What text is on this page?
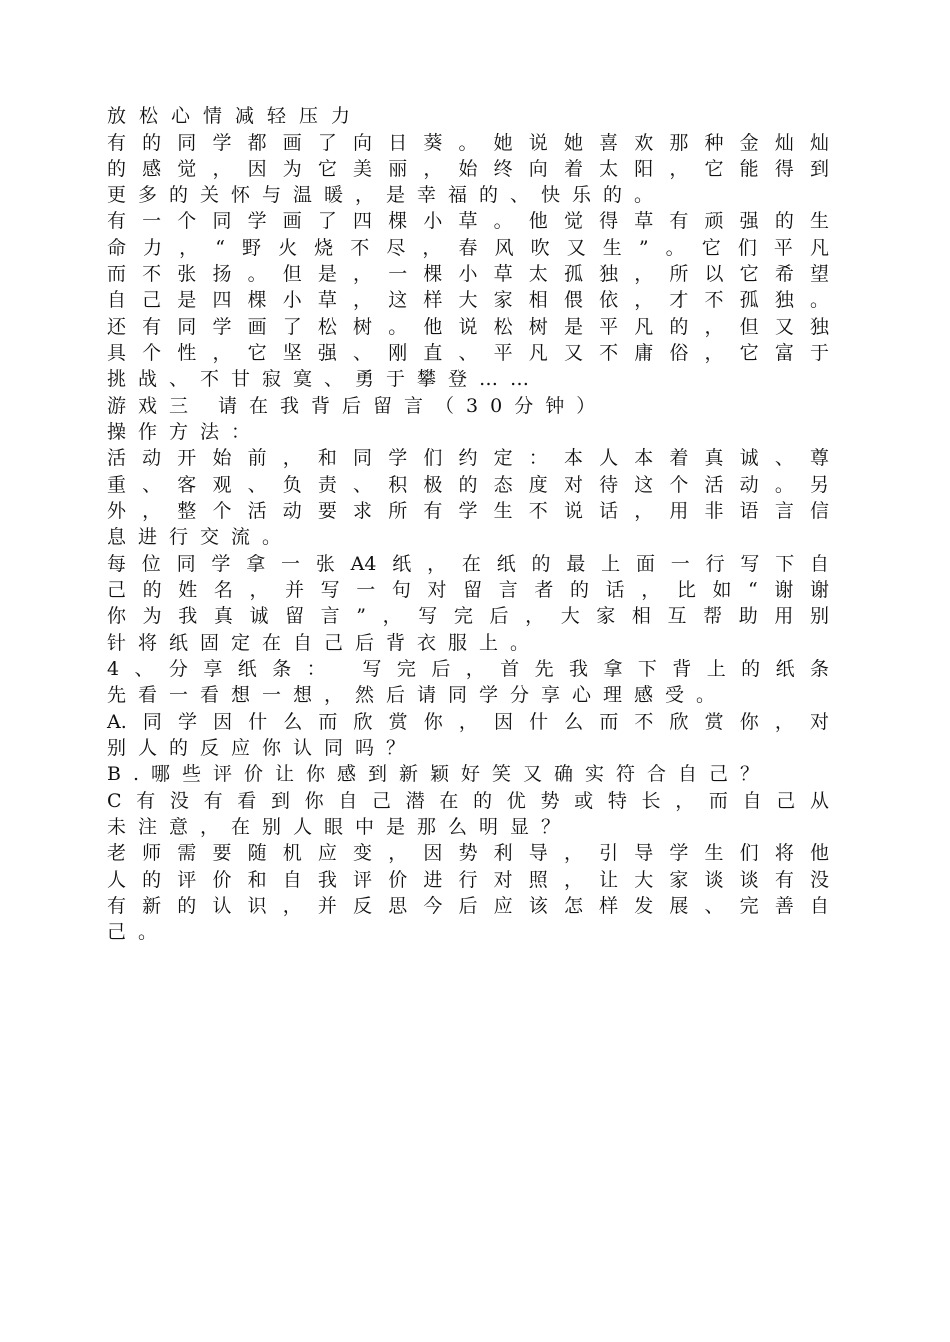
放松心情减轻压力
有的同学都画了向日葵。她说她喜欢那种金灿灿
的感觉，因为它美丽，始终向着太阳，它能得到
更多的关怀与温暖，是幸福的、快乐的。
有一个同学画了四棵小草。他觉得草有顽强的生
命力，“野火烧不尽，春风吹又生”。它们平凡
而不张扬。但是，一棵小草太孤独，所以它希望
自己是四棵小草，这样大家相偎依，才不孤独。
还有同学画了松树。他说松树是平凡的，但又独
具个性，它坚强、刚直、平凡又不庸俗，它富于
挑战、不甘寂寞、勇于攀登……
游戏三 请在我背后留言（30分钟）
操作方法：
活动开始前，和同学们约定：本人本着真诚、尊
重、客观、负责、积极的态度对待这个活动。另
外，整个活动要求所有学生不说话，用非语言信
息进行交流。
每位同学拿一张A4纸，在纸的最上面一行写下自
己的姓名，并写一句对留言者的话，比如“谢谢
你为我真诚留言”，写完后，大家相互帮助用别
针将纸固定在自己后背衣服上。
4、分享纸条： 写完后，首先我拿下背上的纸条
先看一看想一想，然后请同学分享心理感受。
A.同学因什么而欣赏你，因什么而不欣赏你，对
别人的反应你认同吗？
B.哪些评价让你感到新颖好笑又确实符合自己？
C有没有看到你自己潜在的优势或特长，而自己从
未注意，在别人眼中是那么明显？
老师需要随机应变，因势利导，引导学生们将他
人的评价和自我评价进行对照，让大家谈谈有没
有新的认识，并反思今后应该怎样发展、完善自
己。
